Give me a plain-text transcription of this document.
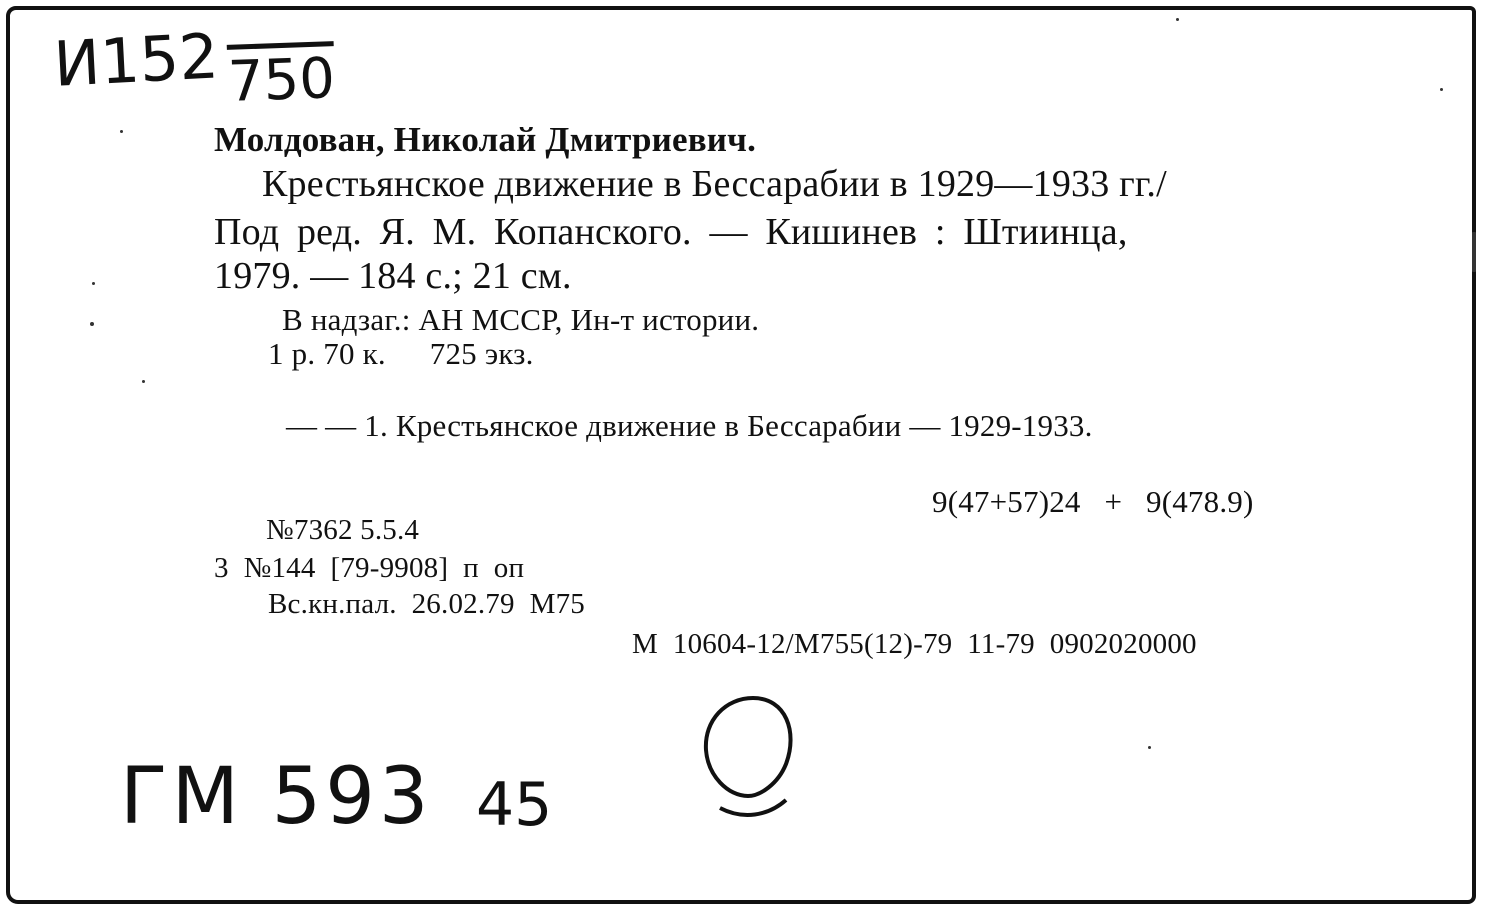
И152 750
Молдован, Николай Дмитриевич.
Крестьянское движение в Бессарабии в 1929—1933 гг./
Под ред. Я. М. Копанского. — Кишинев : Штиинца,
1979. — 184 с.; 21 см.
В надзаг.: АН МССР, Ин-т истории.
1 р. 70 к. 725 экз.
— — 1. Крестьянское движение в Бессарабии — 1929-1933.
9(47+57)24   +   9(478.9)
№7362 5.5.4
3  №144  [79-9908]  п  оп
Вс.кн.пал.  26.02.79  М75
М  10604-12/М755(12)-79  11-79  0902020000
ГМ 593 45
